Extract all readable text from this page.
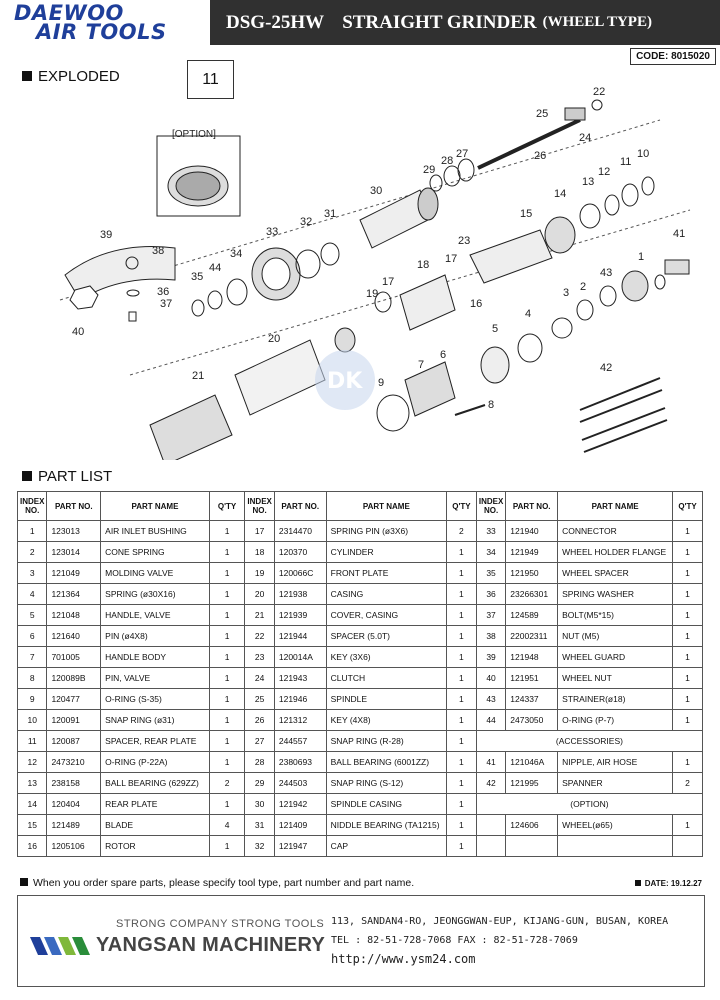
DAEWOO
AIR TOOLS	DSG-25HW STRAIGHT GRINDER (WHEEL TYPE)
CODE: 8015020
EXPLODED	11
[OPTION]
1
2
3
4
5
6
7
8
9
10
11
12
13
14
15
16
17
17
18
19
20
21
22
23
24
25
26
27
28
29
30
31
32
33
34
35
36
37
38
39
40
41
42
43
44
DK
PART LIST
INDEX NO.	PART NO.	PART NAME	Q'TY	INDEX NO.	PART NO.	PART NAME	Q'TY	INDEX NO.	PART NO.	PART NAME	Q'TY
1	123013	AIR INLET BUSHING	1	17	2314470	SPRING PIN (ø3X6)	2	33	121940	CONNECTOR	1
2	123014	CONE SPRING	1	18	120370	CYLINDER	1	34	121949	WHEEL HOLDER FLANGE	1
3	121049	MOLDING VALVE	1	19	120066C	FRONT PLATE	1	35	121950	WHEEL SPACER	1
4	121364	SPRING (ø30X16)	1	20	121938	CASING	1	36	23266301	SPRING WASHER	1
5	121048	HANDLE, VALVE	1	21	121939	COVER, CASING	1	37	124589	BOLT(M5*15)	1
6	121640	PIN (ø4X8)	1	22	121944	SPACER (5.0T)	1	38	22002311	NUT (M5)	1
7	701005	HANDLE BODY	1	23	120014A	KEY (3X6)	1	39	121948	WHEEL GUARD	1
8	120089B	PIN, VALVE	1	24	121943	CLUTCH	1	40	121951	WHEEL NUT	1
9	120477	O-RING (S-35)	1	25	121946	SPINDLE	1	43	124337	STRAINER(ø18)	1
10	120091	SNAP RING (ø31)	1	26	121312	KEY (4X8)	1	44	2473050	O-RING (P-7)	1
11	120087	SPACER, REAR PLATE	1	27	244557	SNAP RING (R-28)	1	(ACCESSORIES)			
12	2473210	O-RING (P-22A)	1	28	2380693	BALL BEARING (6001ZZ)	1	41	121046A	NIPPLE, AIR HOSE	1
13	238158	BALL BEARING (629ZZ)	2	29	244503	SNAP RING (S-12)	1	42	121995	SPANNER	2
14	120404	REAR PLATE	1	30	121942	SPINDLE CASING	1	(OPTION)			
15	121489	BLADE	4	31	121409	NIDDLE BEARING (TA1215)	1		124606	WHEEL(ø65)	1
16	1205106	ROTOR	1	32	121947	CAP	1				
When you order spare parts, please specify tool type, part number and part name.	DATE: 19.12.27
STRONG COMPANY STRONG TOOLS
YANGSAN MACHINERY
113, SANDAN4-RO, JEONGGWAN-EUP, KIJANG-GUN, BUSAN, KOREA
TEL : 82-51-728-7068 FAX : 82-51-728-7069
http://www.ysm24.com
